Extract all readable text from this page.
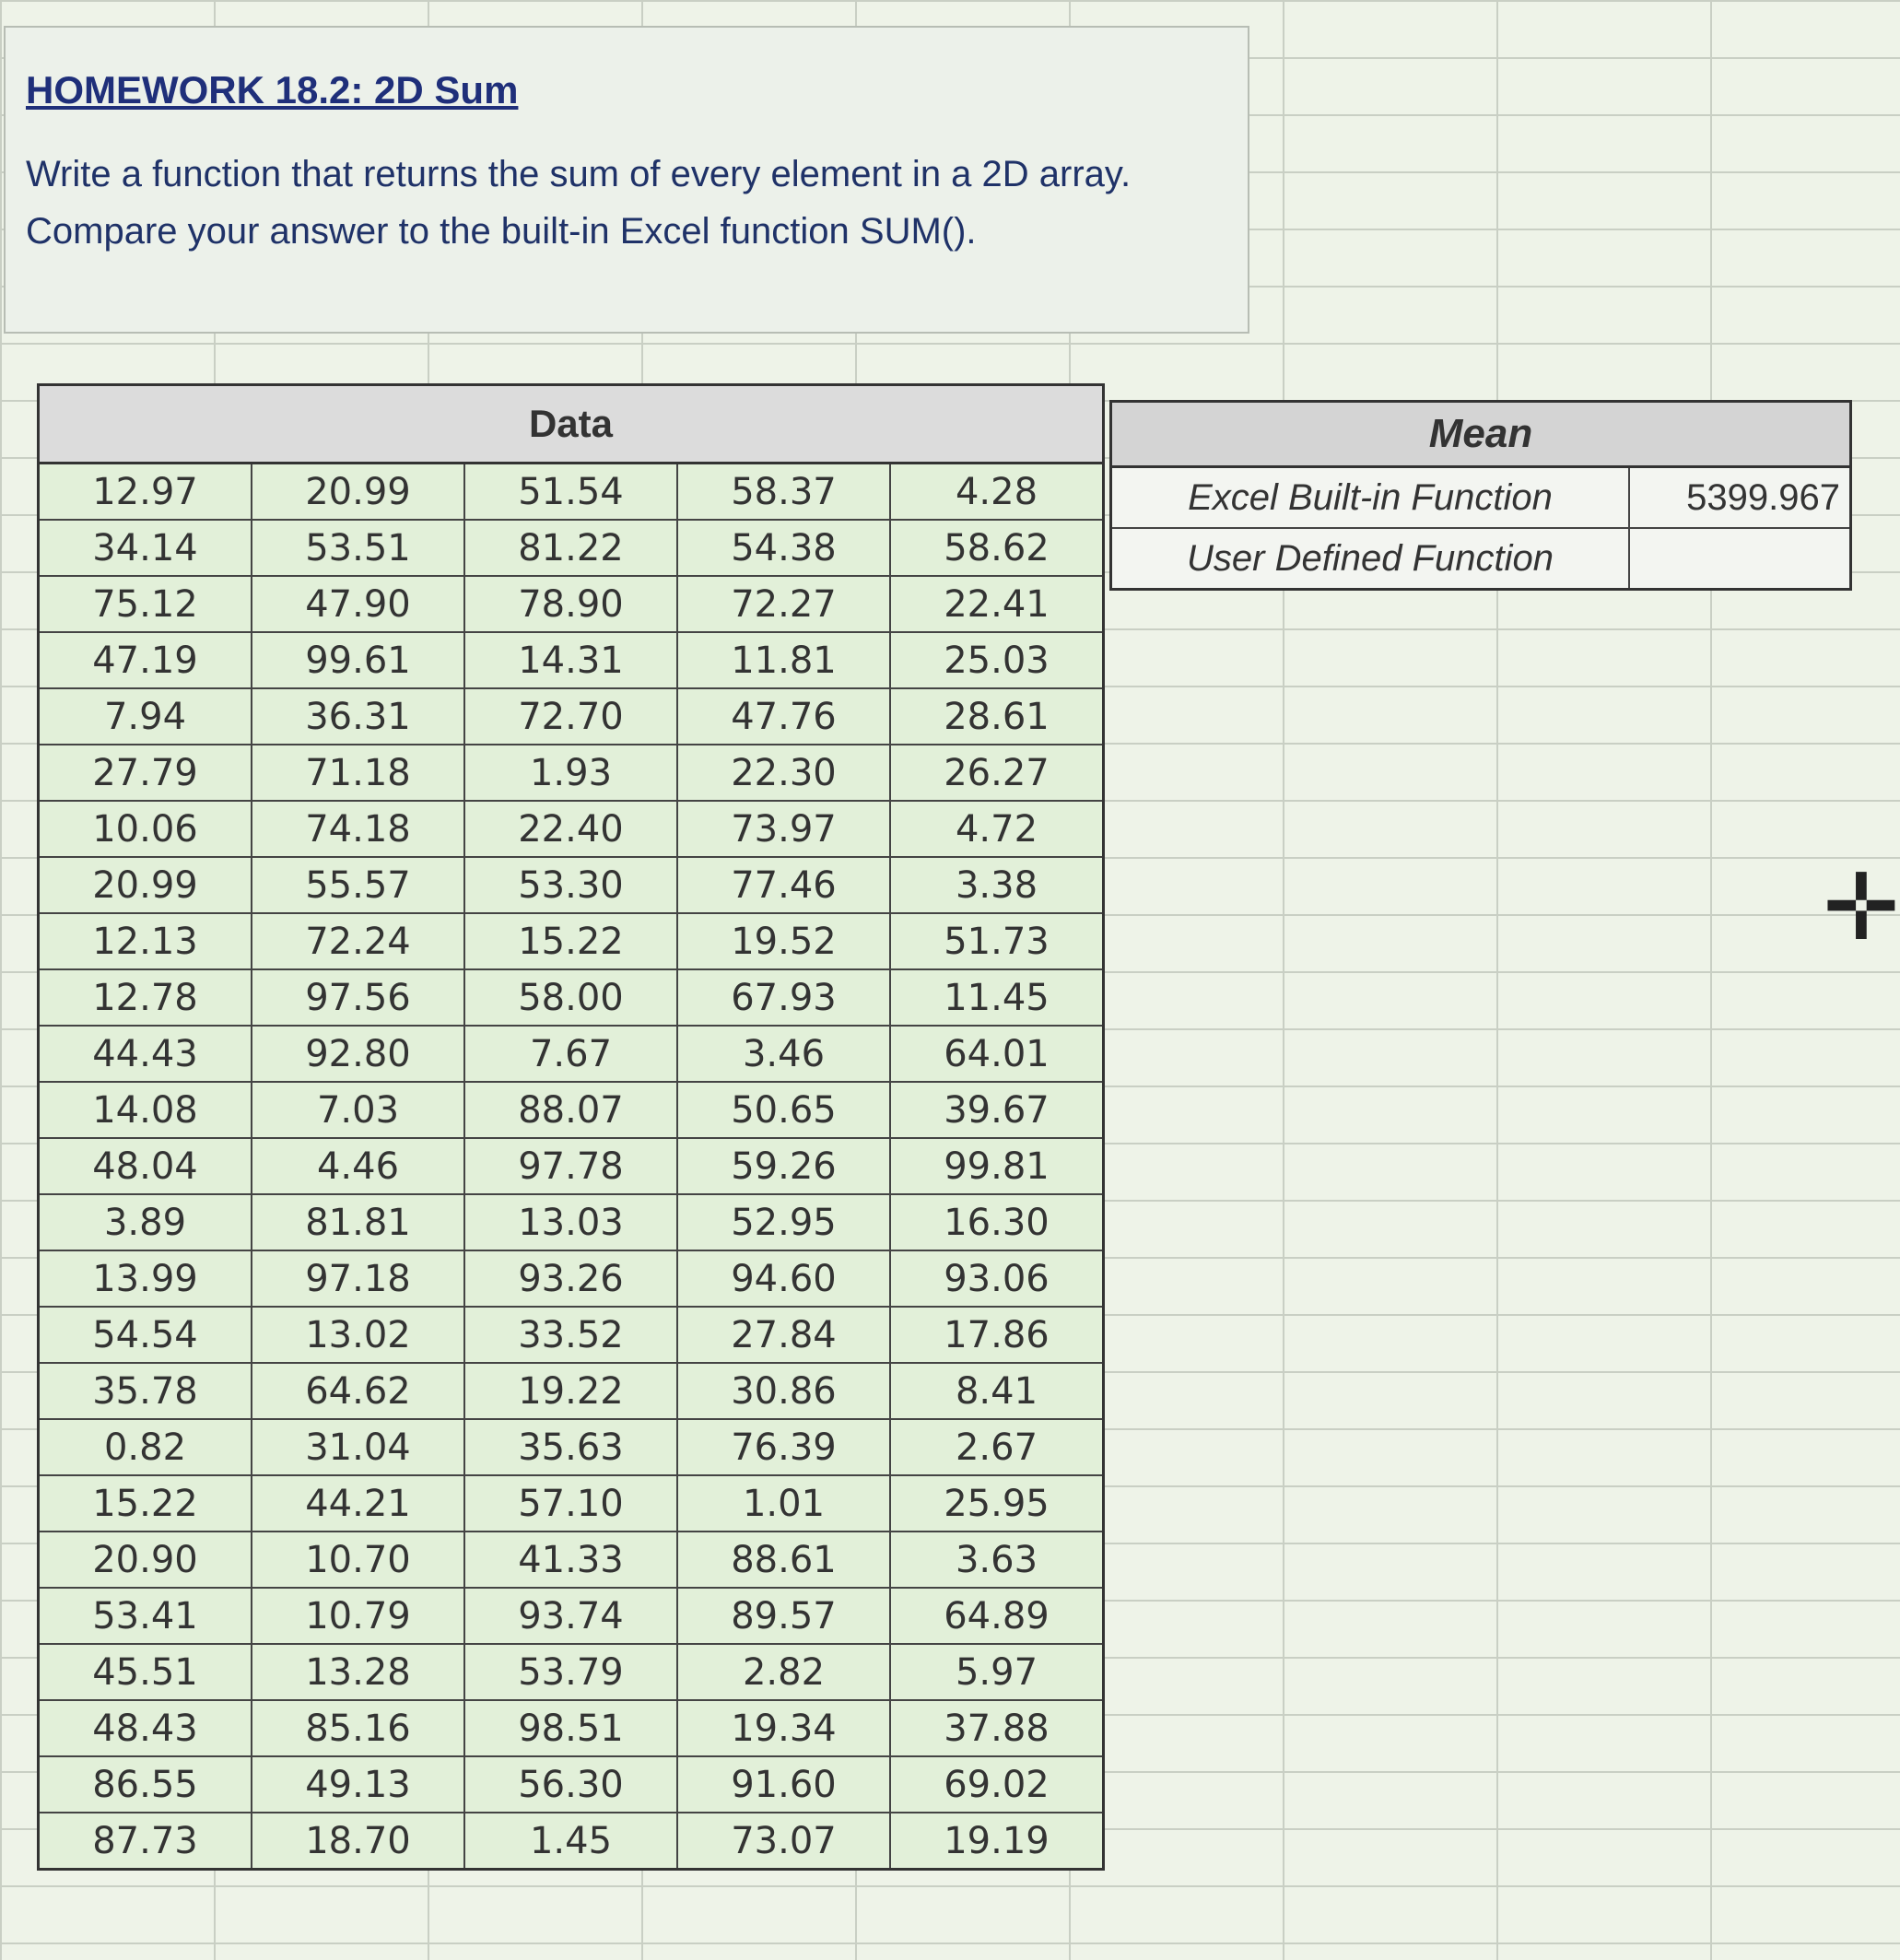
HOMEWORK 18.2: 2D Sum
Write a function that returns the sum of every element in a 2D array.
Compare your answer to the built-in Excel function SUM().
Data				
12.97	20.99	51.54	58.37	4.28
34.14	53.51	81.22	54.38	58.62
75.12	47.90	78.90	72.27	22.41
47.19	99.61	14.31	11.81	25.03
7.94	36.31	72.70	47.76	28.61
27.79	71.18	1.93	22.30	26.27
10.06	74.18	22.40	73.97	4.72
20.99	55.57	53.30	77.46	3.38
12.13	72.24	15.22	19.52	51.73
12.78	97.56	58.00	67.93	11.45
44.43	92.80	7.67	3.46	64.01
14.08	7.03	88.07	50.65	39.67
48.04	4.46	97.78	59.26	99.81
3.89	81.81	13.03	52.95	16.30
13.99	97.18	93.26	94.60	93.06
54.54	13.02	33.52	27.84	17.86
35.78	64.62	19.22	30.86	8.41
0.82	31.04	35.63	76.39	2.67
15.22	44.21	57.10	1.01	25.95
20.90	10.70	41.33	88.61	3.63
53.41	10.79	93.74	89.57	64.89
45.51	13.28	53.79	2.82	5.97
48.43	85.16	98.51	19.34	37.88
86.55	49.13	56.30	91.60	69.02
87.73	18.70	1.45	73.07	19.19
Mean	
Excel Built-in Function	5399.967
User Defined Function	
✛
